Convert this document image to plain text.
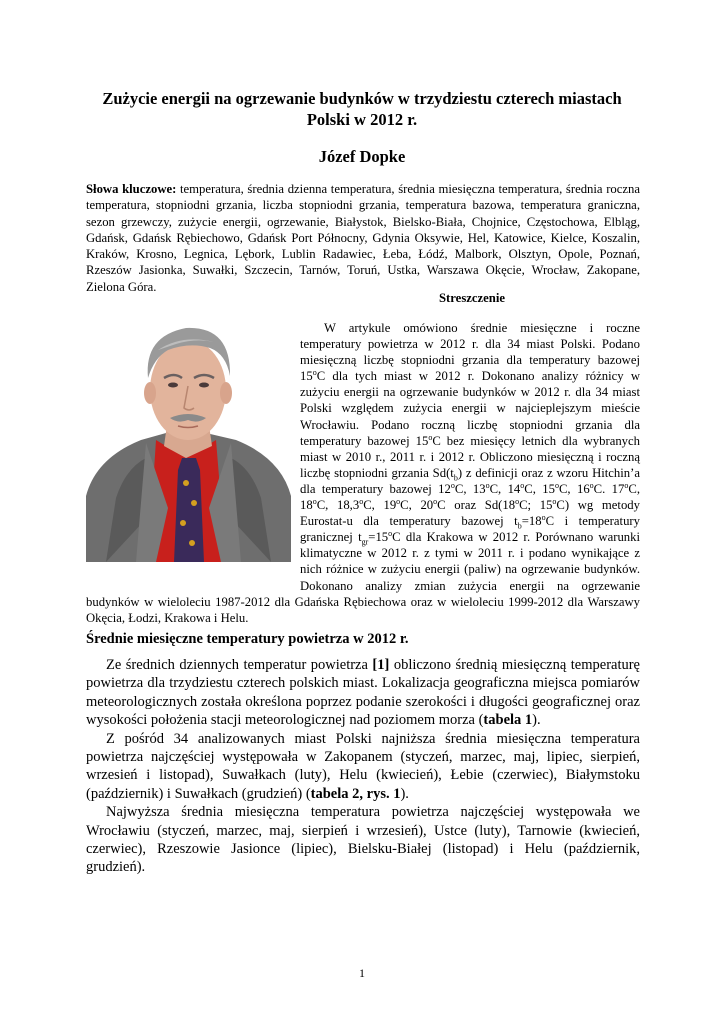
Zużycie energii na ogrzewanie budynków w trzydziestu czterech miastach Polski w 2012 r.
Józef Dopke

Słowa kluczowe: temperatura, średnia dzienna temperatura, średnia miesięczna temperatura, średnia roczna temperatura, stopniodni grzania, liczba stopniodni grzania, temperatura bazowa, temperatura graniczna, sezon grzewczy, zużycie energii, ogrzewanie, Białystok, Bielsko-Biała, Chojnice, Częstochowa, Elbląg, Gdańsk, Gdańsk Rębiechowo, Gdańsk Port Północny, Gdynia Oksywie, Hel, Katowice, Kielce, Koszalin, Kraków, Krosno, Legnica, Lębork, Lublin Radawiec, Łeba, Łódź, Malbork, Olsztyn, Opole, Poznań, Rzeszów Jasionka, Suwałki, Szczecin, Tarnów, Toruń, Ustka, Warszawa Okęcie, Wrocław, Zakopane, Zielona Góra.

Streszczenie

W artykule omówiono średnie miesięczne i roczne temperatury powietrza w 2012 r. dla 34 miast Polski. Podano miesięczną liczbę stopniodni grzania dla temperatury bazowej 15$^o$C dla tych miast w 2012 r. Dokonano analizy różnicy w zużyciu energii na ogrzewanie budynków w 2012 r. dla 34 miast Polski względem zużycia energii w najcieplejszym mieście Wrocławiu. Podano roczną liczbę stopniodni grzania dla temperatury bazowej 15$^o$C bez miesięcy letnich dla wybranych miast w 2010 r., 2011 r. i 2012 r. Obliczono miesięczną i roczną liczbę stopniodni grzania $Sd(t_b)$ z definicji oraz z wzoru Hitchin’a dla temperatury bazowej 12$^o$C, 13$^o$C, 14$^o$C, 15$^o$C, 16$^o$C. 17$^o$C, 18$^o$C, 18,3$^o$C, 19$^o$C, 20$^o$C oraz Sd(18$^o$C; 15$^o$C) wg metody Eurostat-u dla temperatury bazowej $t_b=18^oC$ i temperatury granicznej $t_{gr}=15^oC$ dla Krakowa w 2012 r. Porównano warunki klimatyczne w 2012 r. z tymi w 2011 r. i podano wynikające z nich różnice w zużyciu energii (paliw) na ogrzewanie budynków. Dokonano analizy zmian zużycia energii na ogrzewanie budynków w wieloleciu 1987-2012 dla Gdańska Rębiechowa oraz w wieloleciu 1999-2012 dla Warszawy Okęcia, Łodzi, Krakowa i Helu.

Średnie miesięczne temperatury powietrza w 2012 r.

Ze średnich dziennych temperatur powietrza [1] obliczono średnią miesięczną temperaturę powietrza dla trzydziestu czterech polskich miast. Lokalizacja geograficzna miejsca pomiarów meteorologicznych została określona poprzez podanie szerokości i długości geograficznej oraz wysokości położenia stacji meteorologicznej nad poziomem morza (tabela 1).

Z pośród 34 analizowanych miast Polski najniższa średnia miesięczna temperatura powietrza najczęściej występowała w Zakopanem (styczeń, marzec, maj, lipiec, sierpień, wrzesień i listopad), Suwałkach (luty), Helu (kwiecień), Łebie (czerwiec), Białymstoku (październik) i Suwałkach (grudzień) (tabela 2, rys. 1).

Najwyższa średnia miesięczna temperatura powietrza najczęściej występowała we Wrocławiu (styczeń, marzec, maj, sierpień i wrzesień), Ustce (luty), Tarnowie (kwiecień, czerwiec), Rzeszowie Jasionce (lipiec), Bielsku-Białej (listopad) i Helu (październik, grudzień).

1
